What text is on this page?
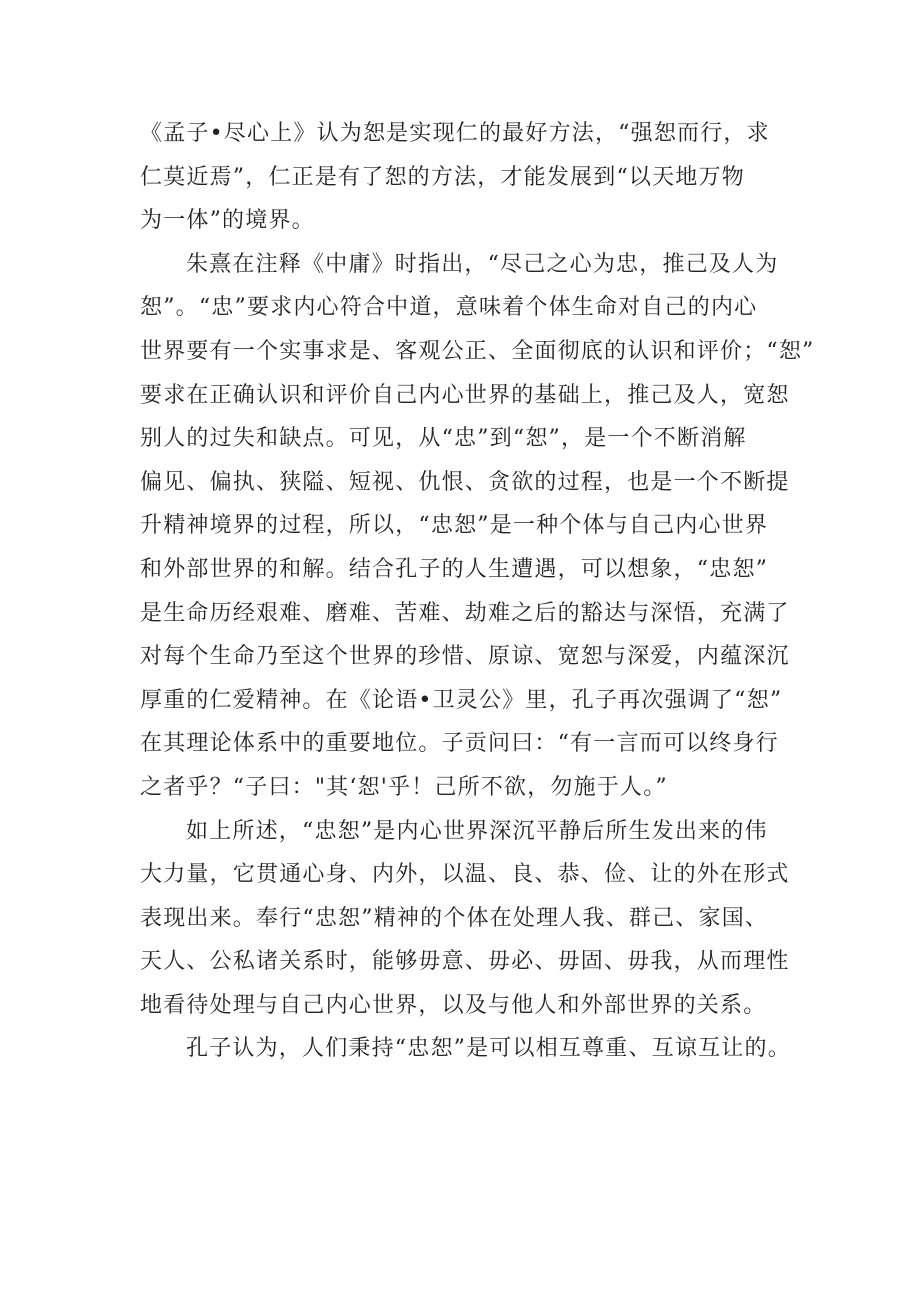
《孟子•尽心上》认为恕是实现仁的最好方法，“强恕而行，求
仁莫近焉”，仁正是有了恕的方法，才能发展到“以天地万物
为一体”的境界。
朱熹在注释《中庸》时指出，“尽己之心为忠，推己及人为
恕”。“忠”要求内心符合中道，意味着个体生命对自己的内心
世界要有一个实事求是、客观公正、全面彻底的认识和评价；“恕”
要求在正确认识和评价自己内心世界的基础上，推己及人，宽恕
别人的过失和缺点。可见，从“忠”到“恕”，是一个不断消解
偏见、偏执、狭隘、短视、仇恨、贪欲的过程，也是一个不断提
升精神境界的过程，所以，“忠恕”是一种个体与自己内心世界
和外部世界的和解。结合孔子的人生遭遇，可以想象，“忠恕”
是生命历经艰难、磨难、苦难、劫难之后的豁达与深悟，充满了
对每个生命乃至这个世界的珍惜、原谅、宽恕与深爱，内蕴深沉
厚重的仁爱精神。在《论语•卫灵公》里，孔子再次强调了“恕”
在其理论体系中的重要地位。子贡问曰：“有一言而可以终身行
之者乎？“子曰："其‘恕'乎！己所不欲，勿施于人。”
如上所述，“忠恕”是内心世界深沉平静后所生发出来的伟
大力量，它贯通心身、内外，以温、良、恭、俭、让的外在形式
表现出来。奉行“忠恕”精神的个体在处理人我、群己、家国、
天人、公私诸关系时，能够毋意、毋必、毋固、毋我，从而理性
地看待处理与自己内心世界，以及与他人和外部世界的关系。
孔子认为，人们秉持“忠恕”是可以相互尊重、互谅互让的。
